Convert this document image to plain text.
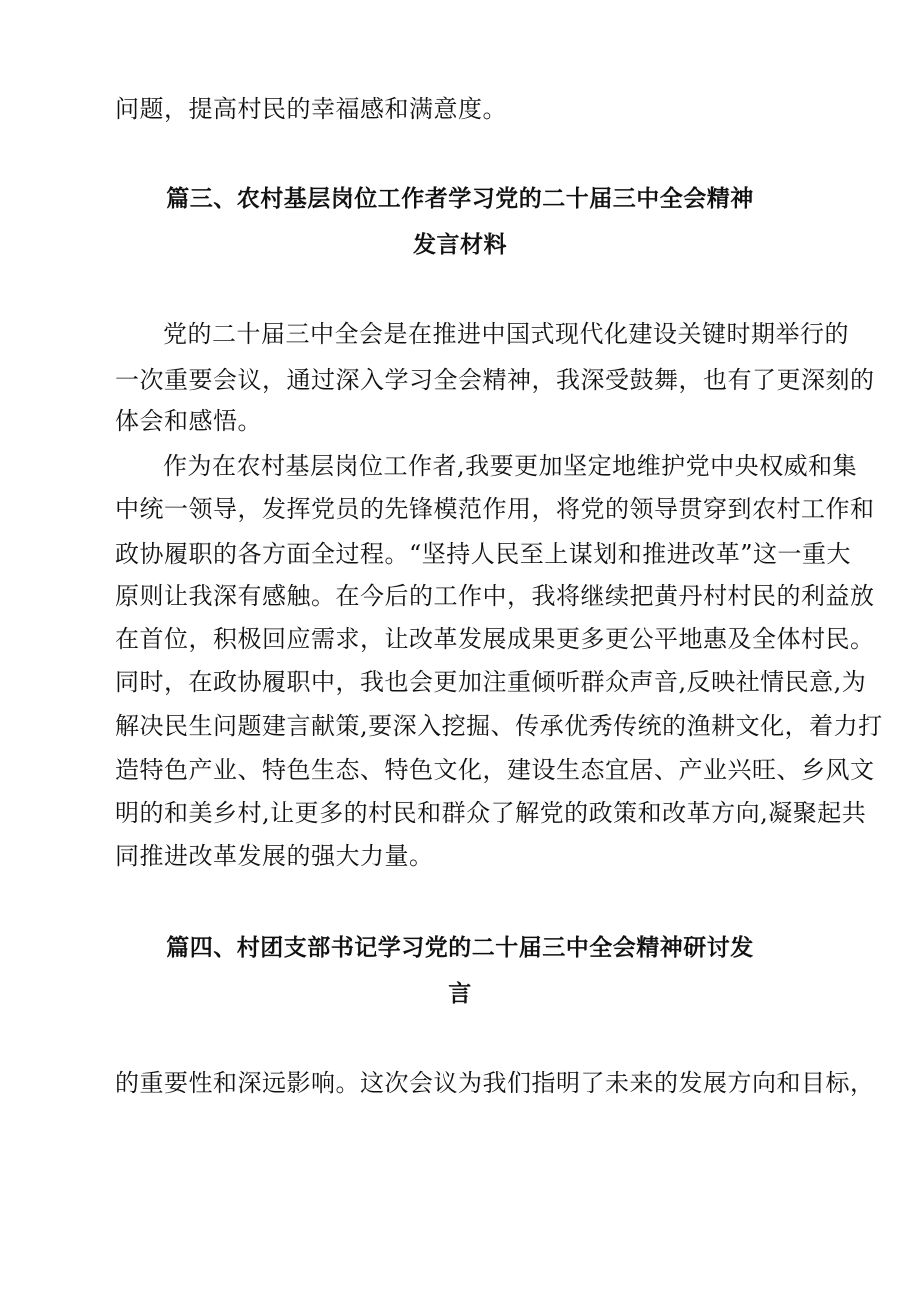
问题，提高村民的幸福感和满意度。
篇三、农村基层岗位工作者学习党的二十届三中全会精神
发言材料
党的二十届三中全会是在推进中国式现代化建设关键时期举行的
一次重要会议，通过深入学习全会精神，我深受鼓舞，也有了更深刻的
体会和感悟。
作为在农村基层岗位工作者,我要更加坚定地维护党中央权威和集
中统一领导，发挥党员的先锋模范作用，将党的领导贯穿到农村工作和
政协履职的各方面全过程。“坚持人民至上谋划和推进改革”这一重大
原则让我深有感触。在今后的工作中，我将继续把黄丹村村民的利益放
在首位，积极回应需求，让改革发展成果更多更公平地惠及全体村民。
同时，在政协履职中，我也会更加注重倾听群众声音,反映社情民意,为
解决民生问题建言献策,要深入挖掘、传承优秀传统的渔耕文化，着力打
造特色产业、特色生态、特色文化，建设生态宜居、产业兴旺、乡风文
明的和美乡村,让更多的村民和群众了解党的政策和改革方向,凝聚起共
同推进改革发展的强大力量。
篇四、村团支部书记学习党的二十届三中全会精神研讨发
言
的重要性和深远影响。这次会议为我们指明了未来的发展方向和目标，
